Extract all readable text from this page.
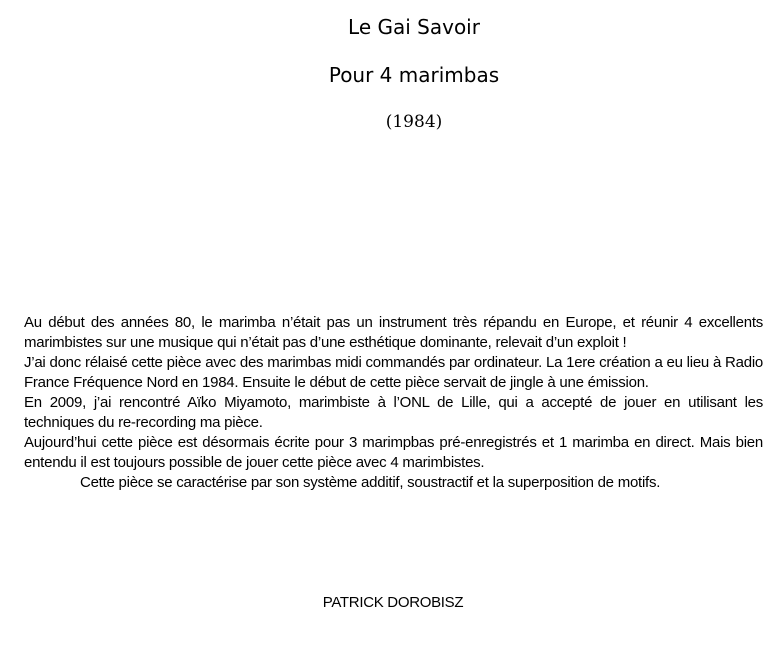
Le Gai Savoir
Pour 4 marimbas
(1984)

Au début des années 80, le marimba n’était pas un instrument très répandu en Europe, et réunir 4 excellents marimbistes sur une musique qui n’était pas d’une esthétique dominante, relevait d’un exploit !

J’ai donc rélaisé cette pièce avec des marimbas midi commandés par ordinateur. La 1ere création a eu lieu à Radio France Fréquence Nord en 1984. Ensuite le début de cette pièce servait de jingle à une émission.

En 2009, j’ai rencontré Aïko Miyamoto, marimbiste à l’ONL de Lille, qui a accepté de jouer en utilisant les techniques du re-recording ma pièce.

Aujourd’hui cette pièce est désormais écrite pour 3 marimpbas pré-enregistrés et 1 marimba en direct. Mais bien entendu il est toujours possible de jouer cette pièce avec 4 marimbistes.

Cette pièce se caractérise par son système additif, soustractif et la superposition de motifs.

PATRICK DOROBISZ
